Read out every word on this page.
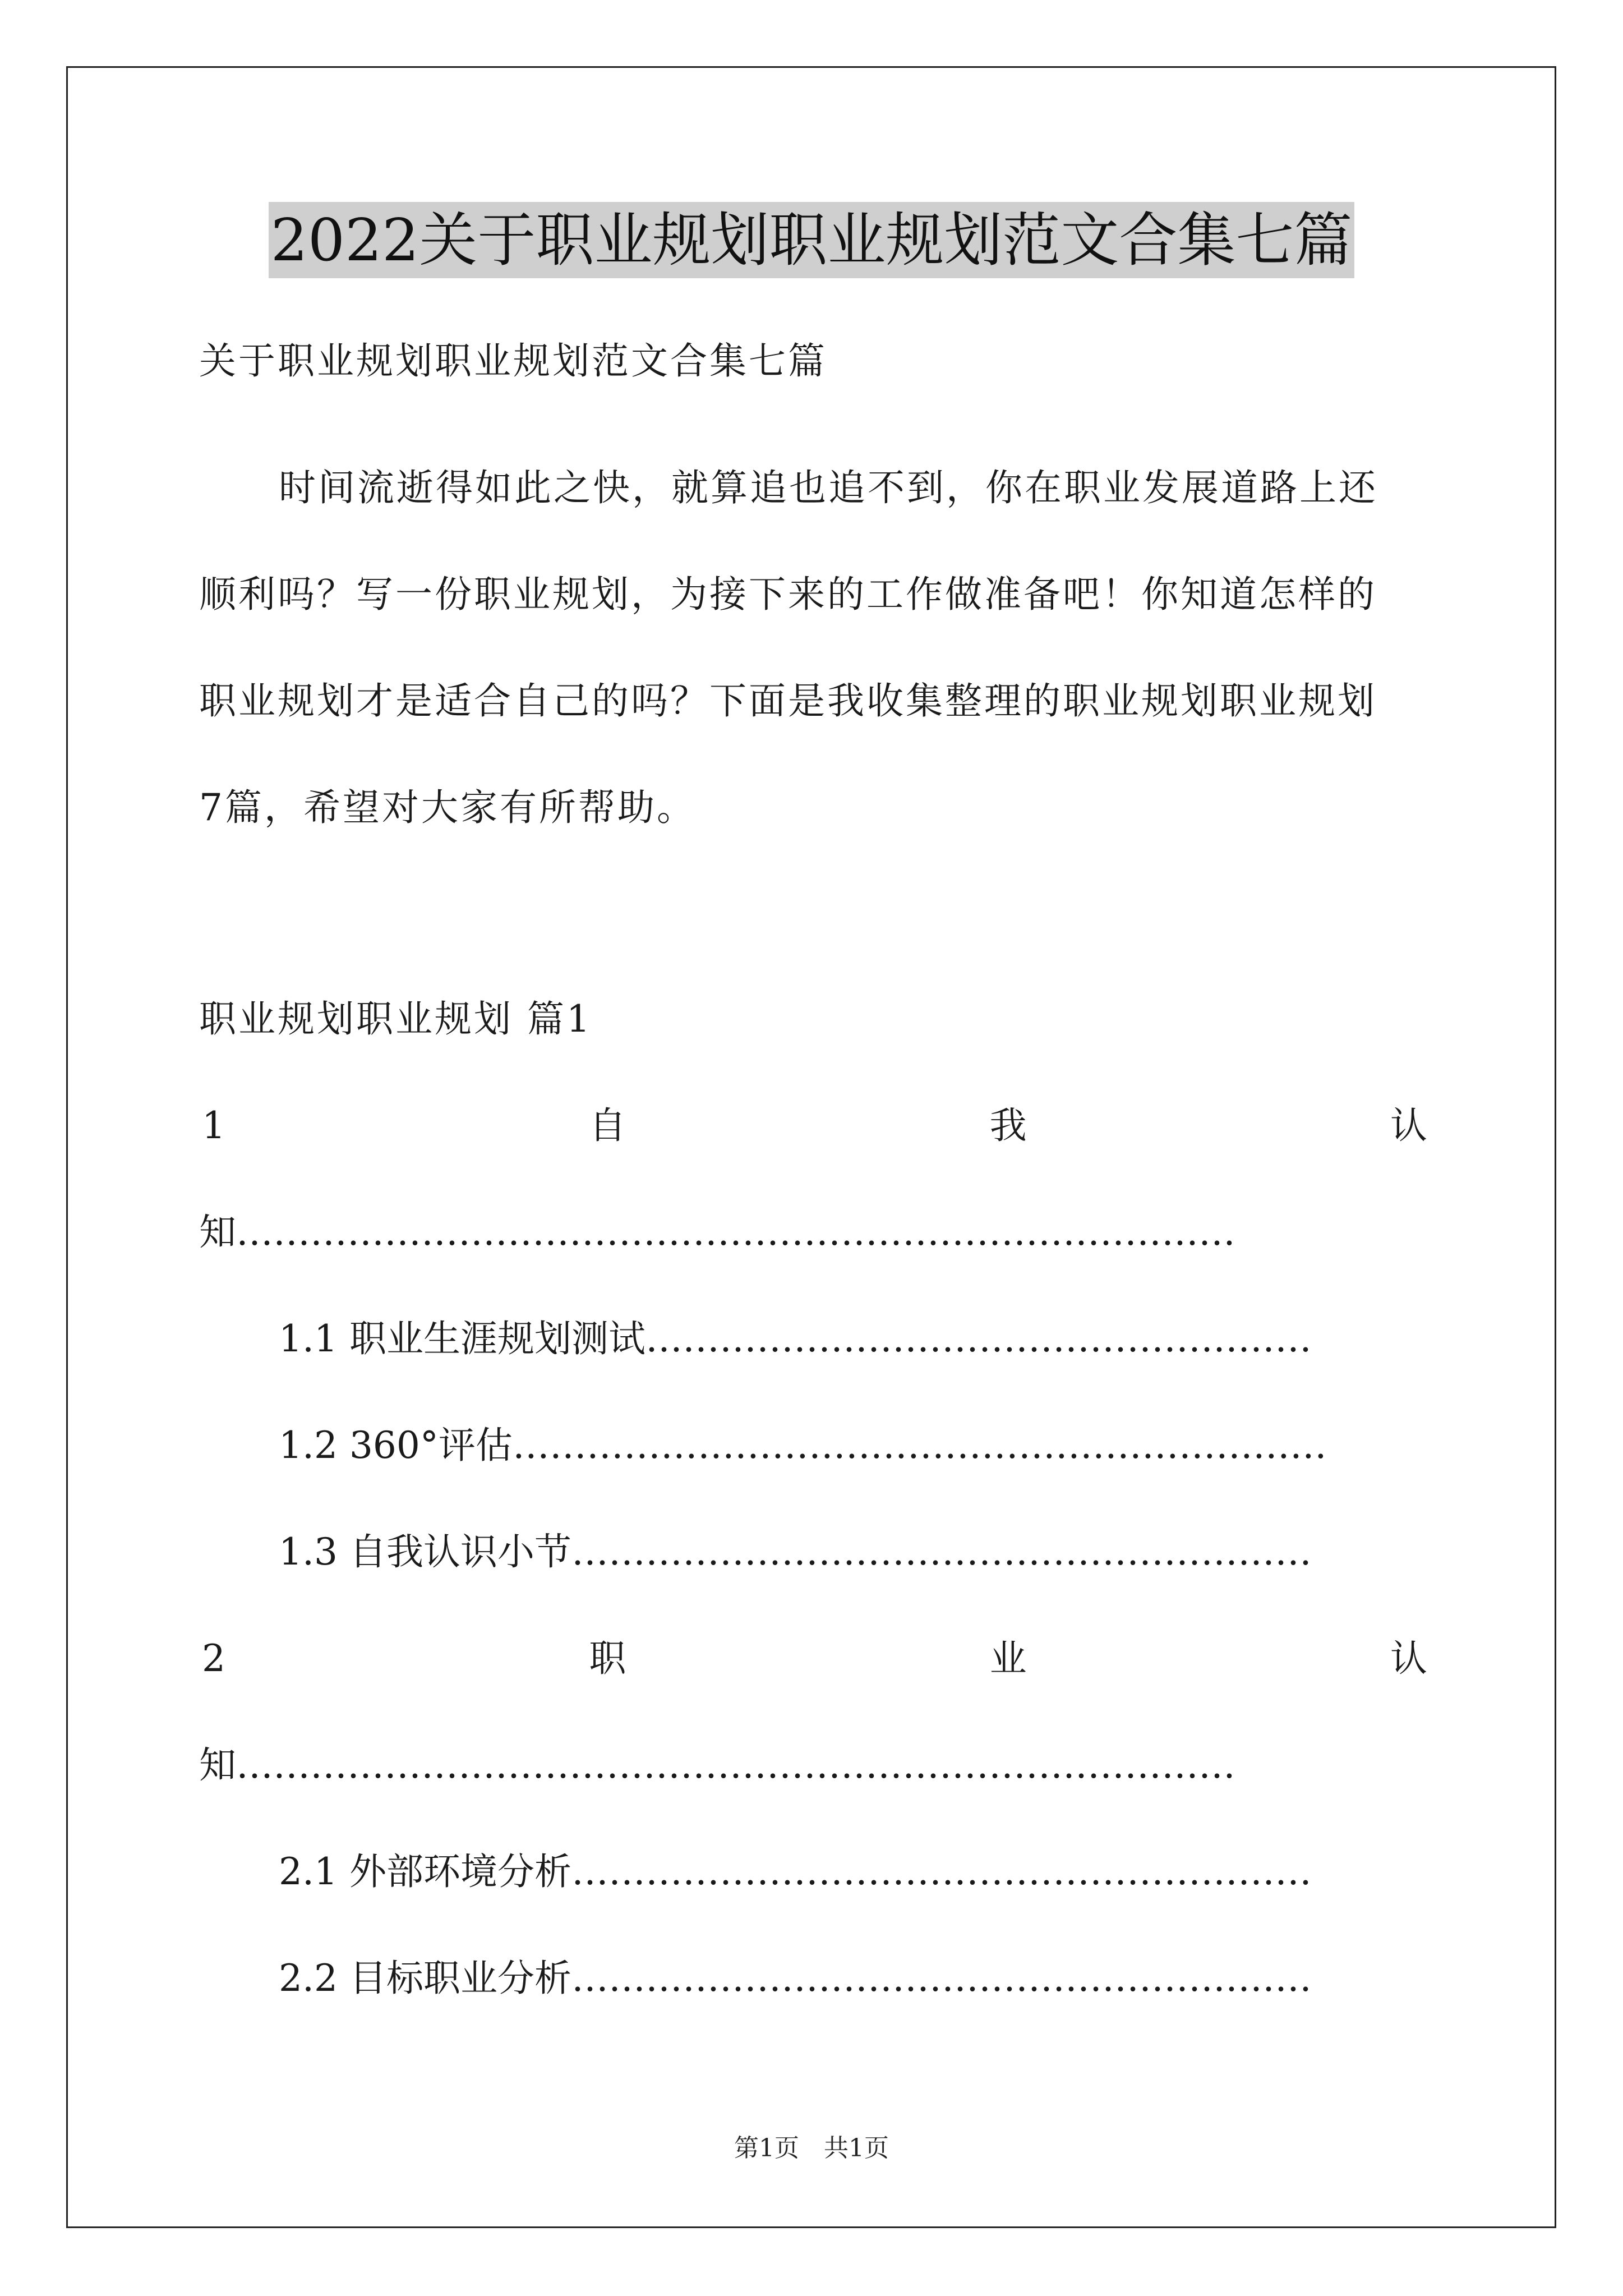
2022关于职业规划职业规划范文合集七篇
关于职业规划职业规划范文合集七篇
时间流逝得如此之快，就算追也追不到，你在职业发展道路上还
顺利吗？写一份职业规划，为接下来的工作做准备吧！你知道怎样的
职业规划才是适合自己的吗？下面是我收集整理的职业规划职业规划
7篇，希望对大家有所帮助。
职业规划职业规划 篇1
1	自	我	认
知………………………………………………………………………
1.1 职业生涯规划测试………………………………………………
1.2 360°评估…………………………………………………………
1.3 自我认识小节……………………………………………………
2	职	业	认
知………………………………………………………………………
2.1 外部环境分析……………………………………………………
2.2 目标职业分析……………………………………………………
第1页　共1页
